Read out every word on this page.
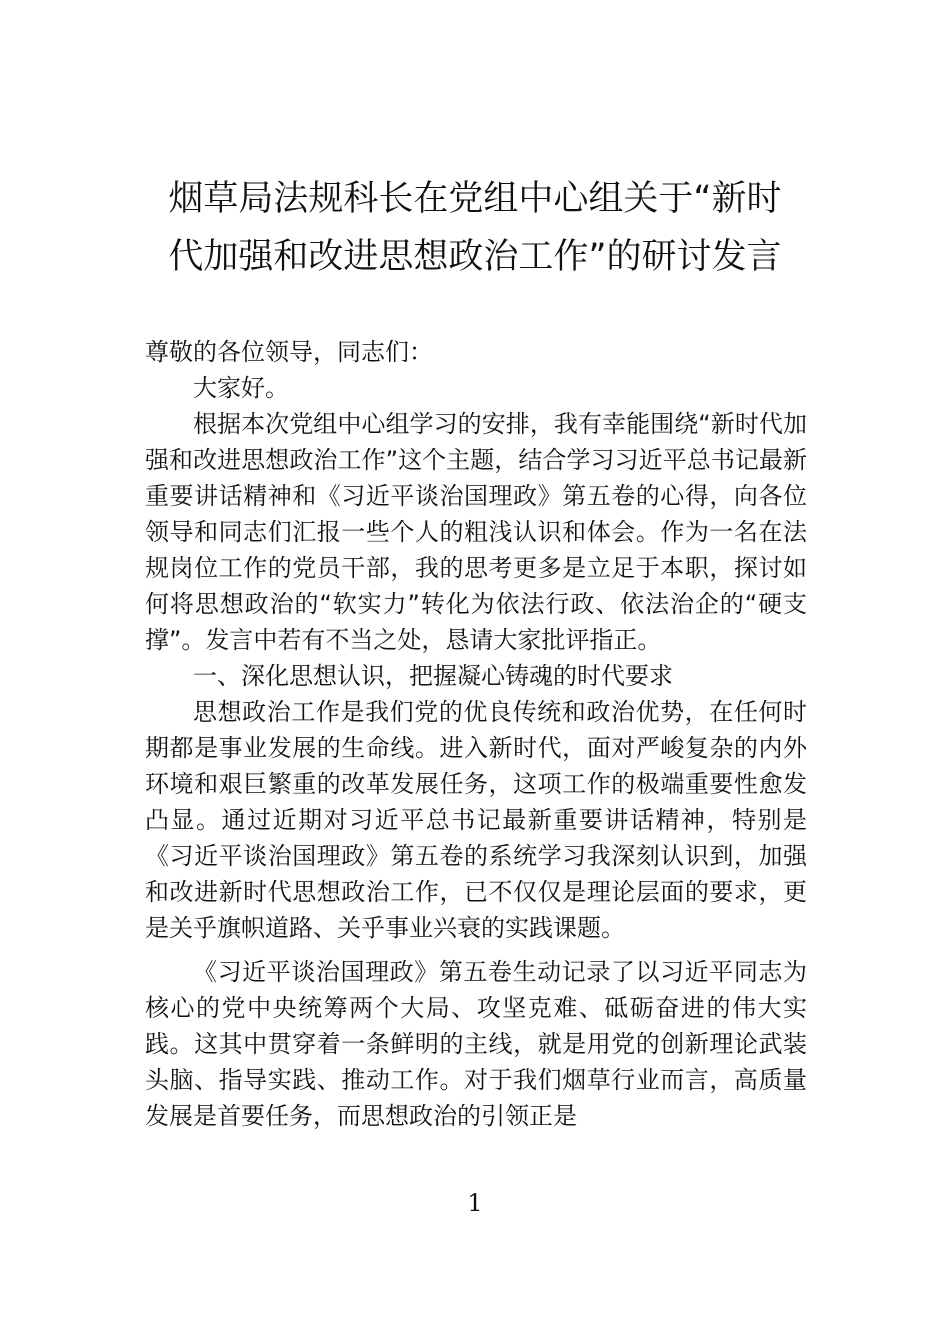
烟草局法规科长在党组中心组关于“新时
代加强和改进思想政治工作”的研讨发言

尊敬的各位领导，同志们：

大家好。

根据本次党组中心组学习的安排，我有幸能围绕“新时代加强和改进思想政治工作”这个主题，结合学习习近平总书记最新重要讲话精神和《习近平谈治国理政》第五卷的心得，向各位领导和同志们汇报一些个人的粗浅认识和体会。作为一名在法规岗位工作的党员干部，我的思考更多是立足于本职，探讨如何将思想政治的“软实力”转化为依法行政、依法治企的“硬支撑”。发言中若有不当之处，恳请大家批评指正。

一、深化思想认识，把握凝心铸魂的时代要求

思想政治工作是我们党的优良传统和政治优势，在任何时期都是事业发展的生命线。进入新时代，面对严峻复杂的内外环境和艰巨繁重的改革发展任务，这项工作的极端重要性愈发凸显。通过近期对习近平总书记最新重要讲话精神，特别是《习近平谈治国理政》第五卷的系统学习我深刻认识到，加强和改进新时代思想政治工作，已不仅仅是理论层面的要求，更是关乎旗帜道路、关乎事业兴衰的实践课题。

《习近平谈治国理政》第五卷生动记录了以习近平同志为核心的党中央统筹两个大局、攻坚克难、砥砺奋进的伟大实践。这其中贯穿着一条鲜明的主线，就是用党的创新理论武装头脑、指导实践、推动工作。对于我们烟草行业而言，高质量发展是首要任务，而思想政治的引领正是

1
